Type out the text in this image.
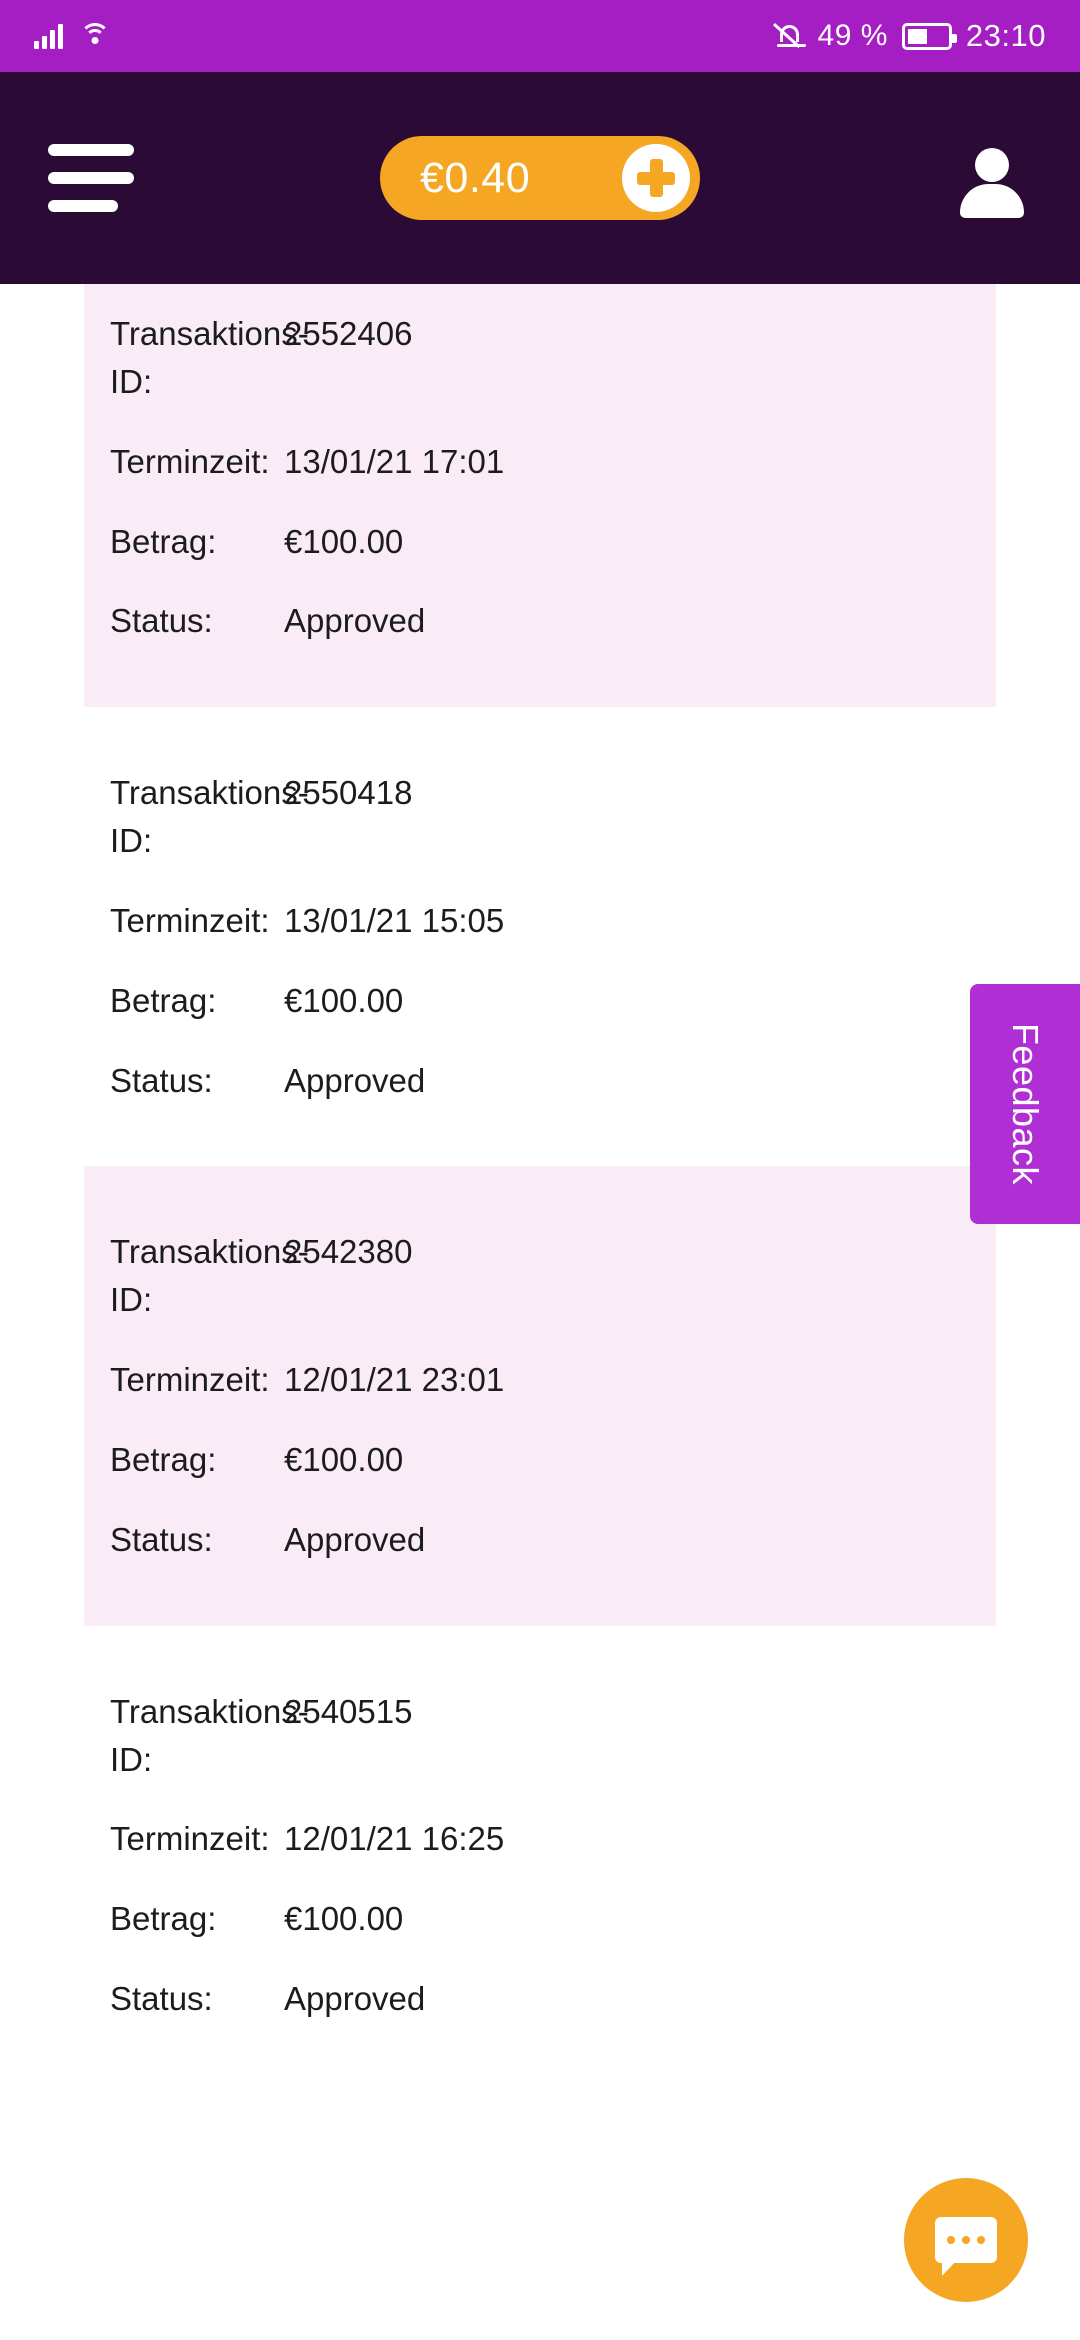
49 %	23:10
€0.40
Transaktions-ID:
2552406
Terminzeit: 13/01/21 17:01
Betrag:	€100.00
Status:	Approved
Transaktions-ID:
2550418
Terminzeit: 13/01/21 15:05
Betrag:	€100.00
Status:	Approved
Transaktions-ID:
2542380
Terminzeit: 12/01/21 23:01
Betrag:	€100.00
Status:	Approved
Transaktions-ID:
2540515
Terminzeit: 12/01/21 16:25
Betrag:	€100.00
Status:	Approved
Feedback
